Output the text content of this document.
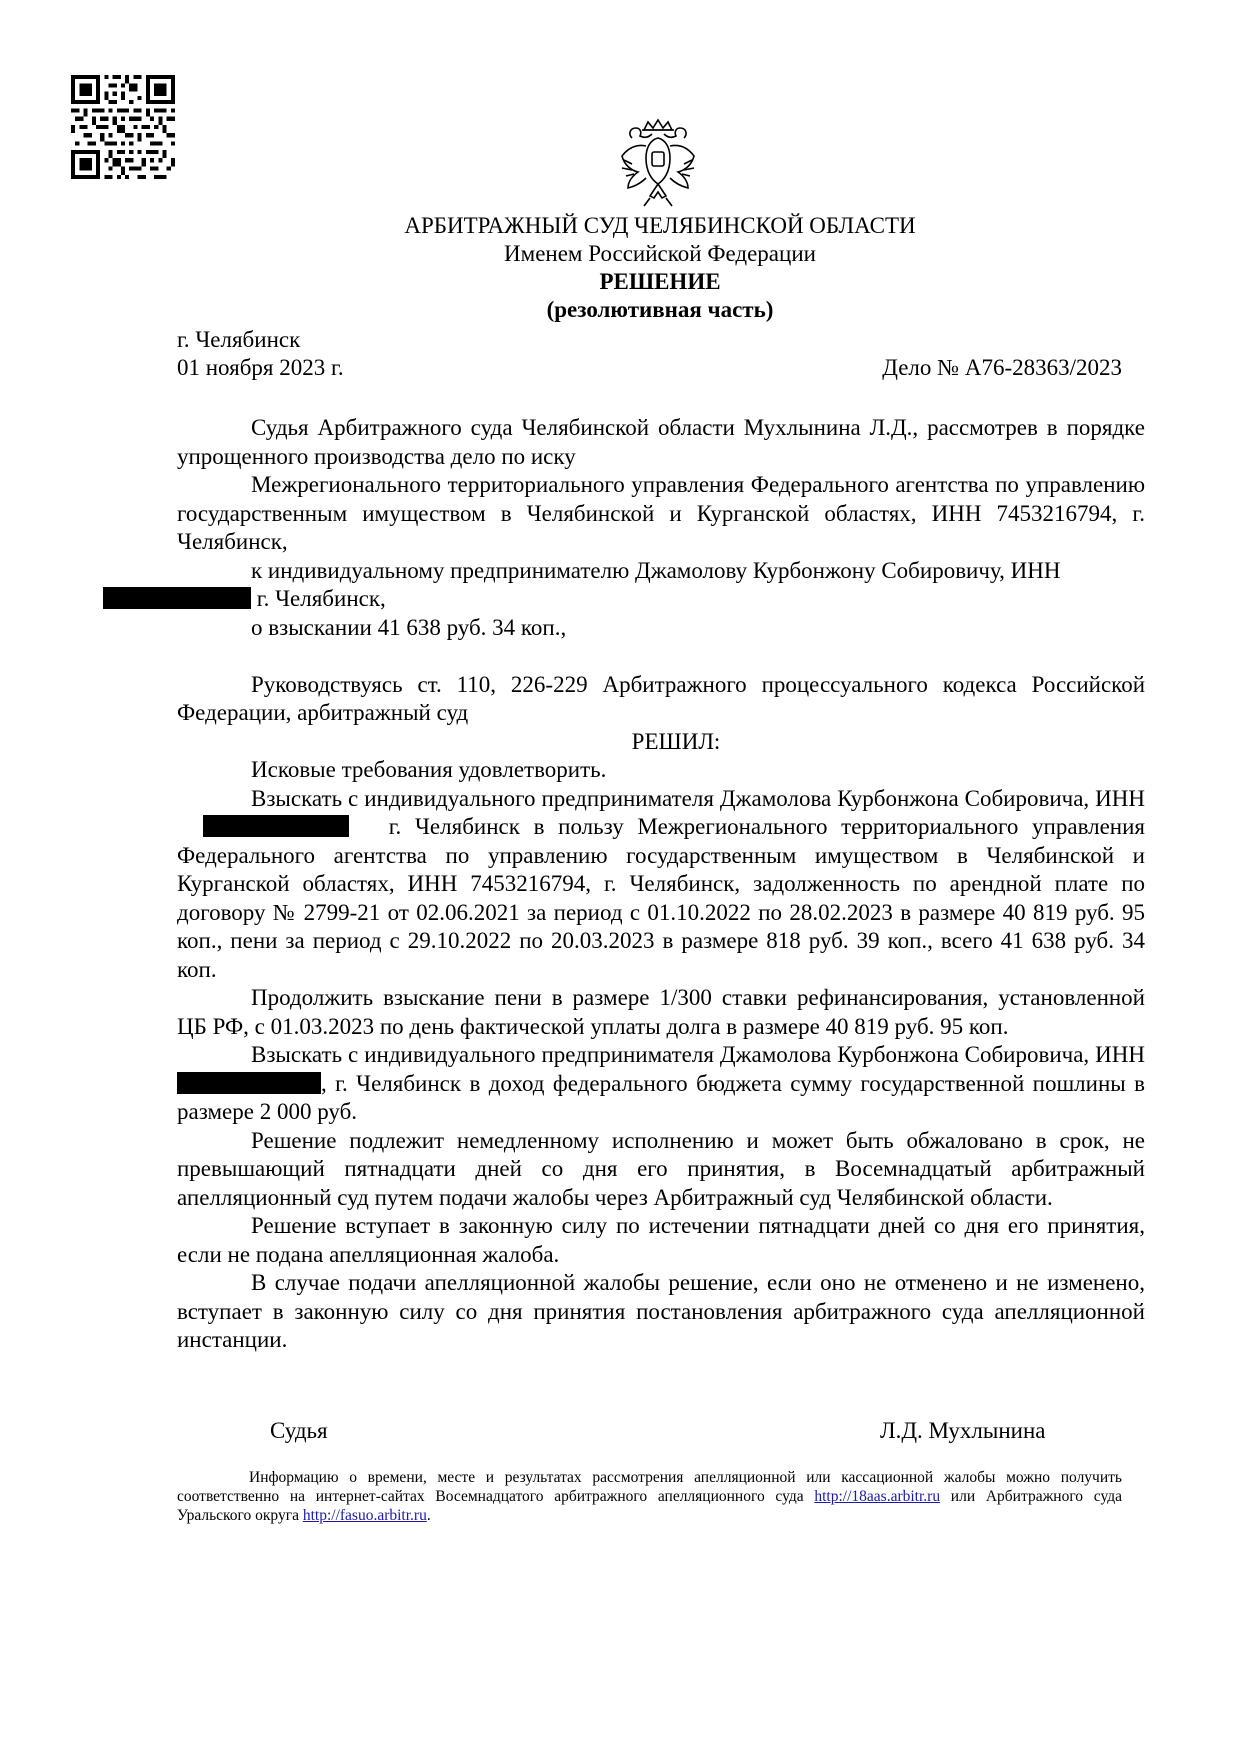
АРБИТРАЖНЫЙ СУД ЧЕЛЯБИНСКОЙ ОБЛАСТИ
Именем Российской Федерации
РЕШЕНИЕ
(резолютивная часть)
г. Челябинск
01 ноября 2023 г.	Дело № А76-28363/2023

Судья Арбитражного суда Челябинской области Мухлынина Л.Д., рассмотрев в порядке упрощенного производства дело по иску

Межрегионального территориального управления Федерального агентства по управлению государственным имуществом в Челябинской и Курганской областях, ИНН 7453216794, г. Челябинск,

к индивидуальному предпринимателю Джамолову Курбонжону Собировичу, ИНН
г. Челябинск,

о взыскании 41 638 руб. 34 коп.,

Руководствуясь ст. 110, 226-229 Арбитражного процессуального кодекса Российской Федерации, арбитражный суд

РЕШИЛ:

Исковые требования удовлетворить.

Взыскать с индивидуального предпринимателя Джамолова Курбонжона Собировича, ИНН  г. Челябинск в пользу Межрегионального территориального управления Федерального агентства по управлению государственным имуществом в Челябинской и Курганской областях, ИНН 7453216794, г. Челябинск, задолженность по арендной плате по договору № 2799-21 от 02.06.2021 за период с 01.10.2022 по 28.02.2023 в размере 40 819 руб. 95 коп., пени за период с 29.10.2022 по 20.03.2023 в размере 818 руб. 39 коп., всего 41 638 руб. 34 коп.

Продолжить взыскание пени в размере 1/300 ставки рефинансирования, установленной ЦБ РФ, с 01.03.2023 по день фактической уплаты долга в размере 40 819 руб. 95 коп.

Взыскать с индивидуального предпринимателя Джамолова Курбонжона Собировича, ИНН , г. Челябинск в доход федерального бюджета сумму государственной пошлины в размере 2 000 руб.

Решение подлежит немедленному исполнению и может быть обжаловано в срок, не превышающий пятнадцати дней со дня его принятия, в Восемнадцатый арбитражный апелляционный суд путем подачи жалобы через Арбитражный суд Челябинской области.

Решение вступает в законную силу по истечении пятнадцати дней со дня его принятия, если не подана апелляционная жалоба.

В случае подачи апелляционной жалобы решение, если оно не отменено и не изменено, вступает в законную силу со дня принятия постановления арбитражного суда апелляционной инстанции.

Судья	Л.Д. Мухлынина
Информацию о времени, месте и результатах рассмотрения апелляционной или кассационной жалобы можно получить соответственно на интернет-сайтах Восемнадцатого арбитражного апелляционного суда http://18aas.arbitr.ru или Арбитражного суда Уральского округа http://fasuo.arbitr.ru.
